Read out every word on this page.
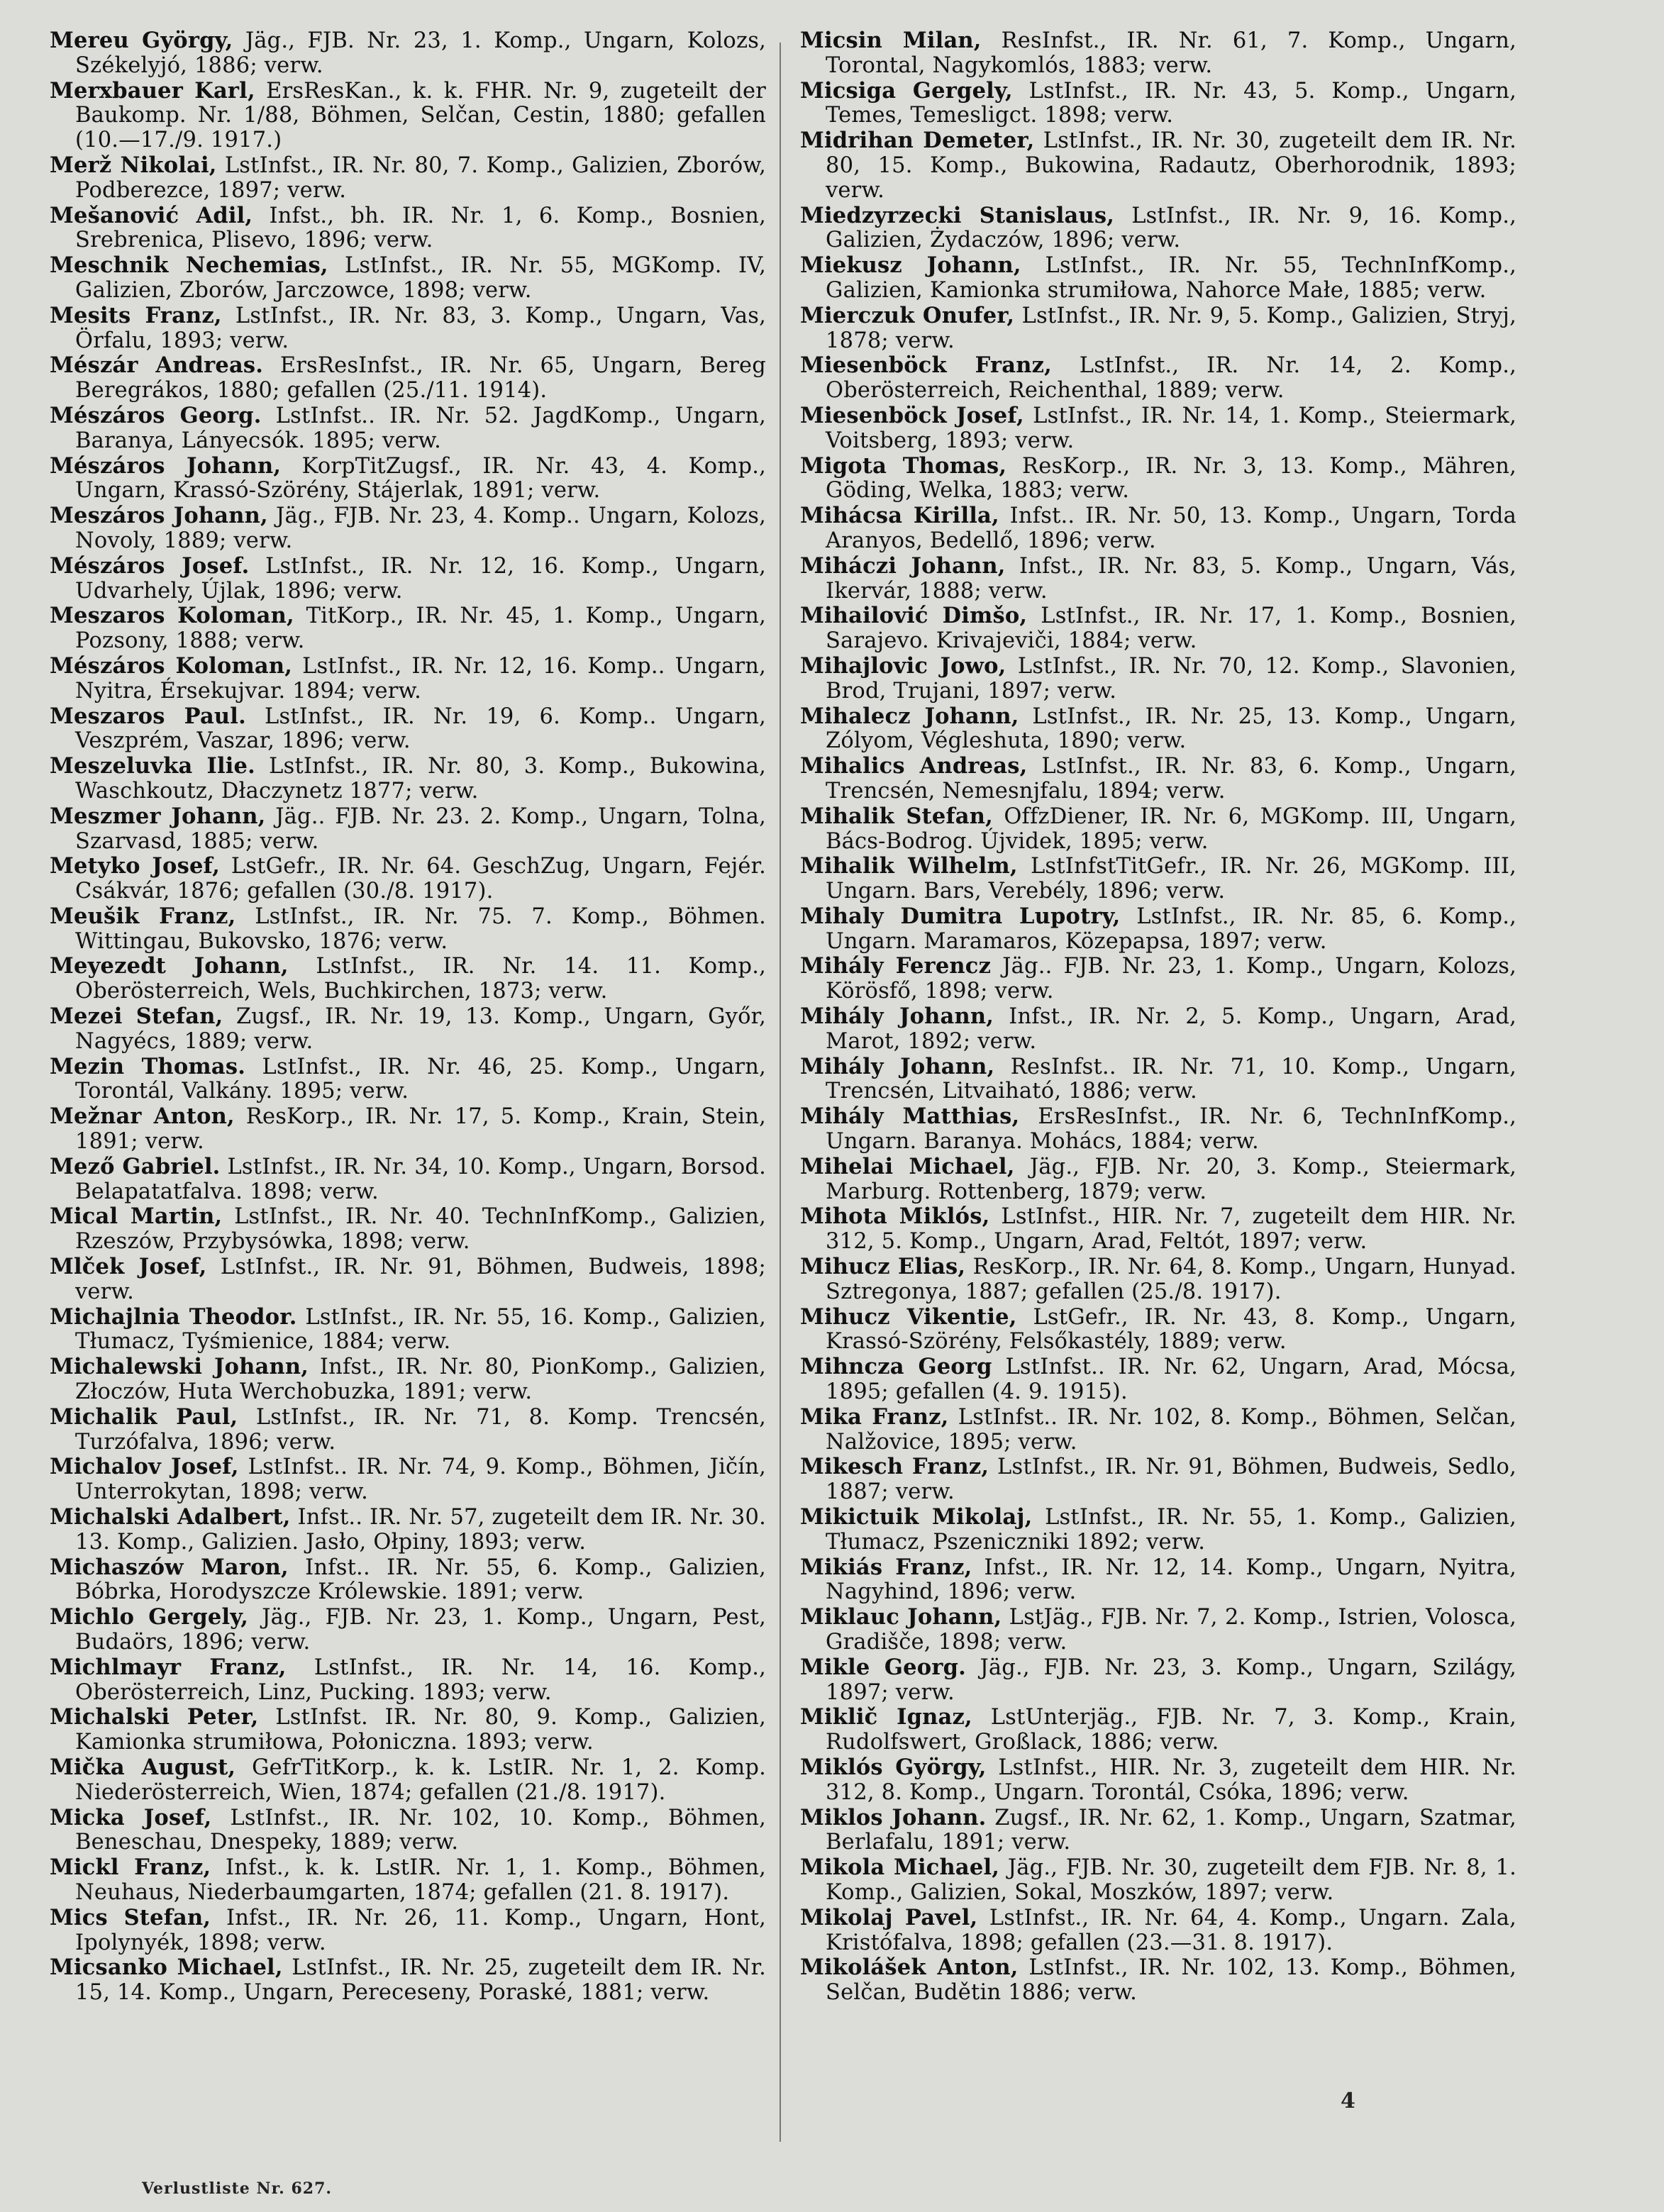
Mereu György, Jäg., FJB. Nr. 23, 1. Komp., Ungarn, Kolozs, Székelyjó, 1886; verw.

Merxbauer Karl, ErsResKan., k. k. FHR. Nr. 9, zugeteilt der Baukomp. Nr. 1/88, Böhmen, Selčan, Cestin, 1880; gefallen (10.—17./9. 1917.)

Merž Nikolai, LstInfst., IR. Nr. 80, 7. Komp., Galizien, Zborów, Podberezce, 1897; verw.

Mešanović Adil, Infst., bh. IR. Nr. 1, 6. Komp., Bosnien, Srebrenica, Plisevo, 1896; verw.

Meschnik Nechemias, LstInfst., IR. Nr. 55, MGKomp. IV, Galizien, Zborów, Jarczowce, 1898; verw.

Mesits Franz, LstInfst., IR. Nr. 83, 3. Komp., Ungarn, Vas, Örfalu, 1893; verw.

Mészár Andreas. ErsResInfst., IR. Nr. 65, Ungarn, Bereg Beregrákos, 1880; gefallen (25./11. 1914).

Mészáros Georg. LstInfst.. IR. Nr. 52. JagdKomp., Ungarn, Baranya, Lányecsók. 1895; verw.

Mészáros Johann, KorpTitZugsf., IR. Nr. 43, 4. Komp., Ungarn, Krassó-Szörény, Stájerlak, 1891; verw.

Meszáros Johann, Jäg., FJB. Nr. 23, 4. Komp.. Ungarn, Kolozs, Novoly, 1889; verw.

Mészáros Josef. LstInfst., IR. Nr. 12, 16. Komp., Ungarn, Udvarhely, Újlak, 1896; verw.

Meszaros Koloman, TitKorp., IR. Nr. 45, 1. Komp., Ungarn, Pozsony, 1888; verw.

Mészáros Koloman, LstInfst., IR. Nr. 12, 16. Komp.. Ungarn, Nyitra, Érsekujvar. 1894; verw.

Meszaros Paul. LstInfst., IR. Nr. 19, 6. Komp.. Ungarn, Veszprém, Vaszar, 1896; verw.

Meszeluvka Ilie. LstInfst., IR. Nr. 80, 3. Komp., Bukowina, Waschkoutz, Dłaczynetz 1877; verw.

Meszmer Johann, Jäg.. FJB. Nr. 23. 2. Komp., Ungarn, Tolna, Szarvasd, 1885; verw.

Metyko Josef, LstGefr., IR. Nr. 64. GeschZug, Ungarn, Fejér. Csákvár, 1876; gefallen (30./8. 1917).

Meušik Franz, LstInfst., IR. Nr. 75. 7. Komp., Böhmen. Wittingau, Bukovsko, 1876; verw.

Meyezedt Johann, LstInfst., IR. Nr. 14. 11. Komp., Oberösterreich, Wels, Buchkirchen, 1873; verw.

Mezei Stefan, Zugsf., IR. Nr. 19, 13. Komp., Ungarn, Győr, Nagyécs, 1889; verw.

Mezin Thomas. LstInfst., IR. Nr. 46, 25. Komp., Ungarn, Torontál, Valkány. 1895; verw.

Mežnar Anton, ResKorp., IR. Nr. 17, 5. Komp., Krain, Stein, 1891; verw.

Mező Gabriel. LstInfst., IR. Nr. 34, 10. Komp., Ungarn, Borsod. Belapatatfalva. 1898; verw.

Mical Martin, LstInfst., IR. Nr. 40. TechnInfKomp., Galizien, Rzeszów, Przybysówka, 1898; verw.

Mlček Josef, LstInfst., IR. Nr. 91, Böhmen, Budweis, 1898; verw.

Michajlnia Theodor. LstInfst., IR. Nr. 55, 16. Komp., Galizien, Tłumacz, Tyśmienice, 1884; verw.

Michalewski Johann, Infst., IR. Nr. 80, PionKomp., Galizien, Złoczów, Huta Werchobuzka, 1891; verw.

Michalik Paul, LstInfst., IR. Nr. 71, 8. Komp. Trencsén, Turzófalva, 1896; verw.

Michalov Josef, LstInfst.. IR. Nr. 74, 9. Komp., Böhmen, Jičín, Unterrokytan, 1898; verw.

Michalski Adalbert, Infst.. IR. Nr. 57, zugeteilt dem IR. Nr. 30. 13. Komp., Galizien. Jasło, Ołpiny, 1893; verw.

Michaszów Maron, Infst.. IR. Nr. 55, 6. Komp., Galizien, Bóbrka, Horodyszcze Królewskie. 1891; verw.

Michlo Gergely, Jäg., FJB. Nr. 23, 1. Komp., Ungarn, Pest, Budaörs, 1896; verw.

Michlmayr Franz, LstInfst., IR. Nr. 14, 16. Komp., Oberösterreich, Linz, Pucking. 1893; verw.

Michalski Peter, LstInfst. IR. Nr. 80, 9. Komp., Galizien, Kamionka strumiłowa, Połoniczna. 1893; verw.

Mička August, GefrTitKorp., k. k. LstIR. Nr. 1, 2. Komp. Niederösterreich, Wien, 1874; gefallen (21./8. 1917).

Micka Josef, LstInfst., IR. Nr. 102, 10. Komp., Böhmen, Beneschau, Dnespeky, 1889; verw.

Mickl Franz, Infst., k. k. LstIR. Nr. 1, 1. Komp., Böhmen, Neuhaus, Niederbaumgarten, 1874; gefallen (21. 8. 1917).

Mics Stefan, Infst., IR. Nr. 26, 11. Komp., Ungarn, Hont, Ipolynyék, 1898; verw.

Micsanko Michael, LstInfst., IR. Nr. 25, zugeteilt dem IR. Nr. 15, 14. Komp., Ungarn, Pereceseny, Poraské, 1881; verw.

Micsin Milan, ResInfst., IR. Nr. 61, 7. Komp., Ungarn, Torontal, Nagykomlós, 1883; verw.

Micsiga Gergely, LstInfst., IR. Nr. 43, 5. Komp., Ungarn, Temes, Temesligct. 1898; verw.

Midrihan Demeter, LstInfst., IR. Nr. 30, zugeteilt dem IR. Nr. 80, 15. Komp., Bukowina, Radautz, Oberhorodnik, 1893; verw.

Miedzyrzecki Stanislaus, LstInfst., IR. Nr. 9, 16. Komp., Galizien, Żydaczów, 1896; verw.

Miekusz Johann, LstInfst., IR. Nr. 55, TechnInfKomp., Galizien, Kamionka strumiłowa, Nahorce Małe, 1885; verw.

Mierczuk Onufer, LstInfst., IR. Nr. 9, 5. Komp., Galizien, Stryj, 1878; verw.

Miesenböck Franz, LstInfst., IR. Nr. 14, 2. Komp., Oberösterreich, Reichenthal, 1889; verw.

Miesenböck Josef, LstInfst., IR. Nr. 14, 1. Komp., Steiermark, Voitsberg, 1893; verw.

Migota Thomas, ResKorp., IR. Nr. 3, 13. Komp., Mähren, Göding, Welka, 1883; verw.

Mihácsa Kirilla, Infst.. IR. Nr. 50, 13. Komp., Ungarn, Torda Aranyos, Bedellő, 1896; verw.

Miháczi Johann, Infst., IR. Nr. 83, 5. Komp., Ungarn, Vás, Ikervár, 1888; verw.

Mihailović Dimšo, LstInfst., IR. Nr. 17, 1. Komp., Bosnien, Sarajevo. Krivajeviči, 1884; verw.

Mihajlovic Jowo, LstInfst., IR. Nr. 70, 12. Komp., Slavonien, Brod, Trujani, 1897; verw.

Mihalecz Johann, LstInfst., IR. Nr. 25, 13. Komp., Ungarn, Zólyom, Végleshuta, 1890; verw.

Mihalics Andreas, LstInfst., IR. Nr. 83, 6. Komp., Ungarn, Trencsén, Nemesnjfalu, 1894; verw.

Mihalik Stefan, OffzDiener, IR. Nr. 6, MGKomp. III, Ungarn, Bács-Bodrog. Újvidek, 1895; verw.

Mihalik Wilhelm, LstInfstTitGefr., IR. Nr. 26, MGKomp. III, Ungarn. Bars, Verebély, 1896; verw.

Mihaly Dumitra Lupotry, LstInfst., IR. Nr. 85, 6. Komp., Ungarn. Maramaros, Közepapsa, 1897; verw.

Mihály Ferencz Jäg.. FJB. Nr. 23, 1. Komp., Ungarn, Kolozs, Körösfő, 1898; verw.

Mihály Johann, Infst., IR. Nr. 2, 5. Komp., Ungarn, Arad, Marot, 1892; verw.

Mihály Johann, ResInfst.. IR. Nr. 71, 10. Komp., Ungarn, Trencsén, Litvaiható, 1886; verw.

Mihály Matthias, ErsResInfst., IR. Nr. 6, TechnInfKomp., Ungarn. Baranya. Mohács, 1884; verw.

Mihelai Michael, Jäg., FJB. Nr. 20, 3. Komp., Steiermark, Marburg. Rottenberg, 1879; verw.

Mihota Miklós, LstInfst., HIR. Nr. 7, zugeteilt dem HIR. Nr. 312, 5. Komp., Ungarn, Arad, Feltót, 1897; verw.

Mihucz Elias, ResKorp., IR. Nr. 64, 8. Komp., Ungarn, Hunyad. Sztregonya, 1887; gefallen (25./8. 1917).

Mihucz Vikentie, LstGefr., IR. Nr. 43, 8. Komp., Ungarn, Krassó-Szörény, Felsőkastély, 1889; verw.

Mihncza Georg LstInfst.. IR. Nr. 62, Ungarn, Arad, Mócsa, 1895; gefallen (4. 9. 1915).

Mika Franz, LstInfst.. IR. Nr. 102, 8. Komp., Böhmen, Selčan, Nalžovice, 1895; verw.

Mikesch Franz, LstInfst., IR. Nr. 91, Böhmen, Budweis, Sedlo, 1887; verw.

Mikictuik Mikolaj, LstInfst., IR. Nr. 55, 1. Komp., Galizien, Tłumacz, Pszeniczniki 1892; verw.

Mikiás Franz, Infst., IR. Nr. 12, 14. Komp., Ungarn, Nyitra, Nagyhind, 1896; verw.

Miklauc Johann, LstJäg., FJB. Nr. 7, 2. Komp., Istrien, Volosca, Gradišče, 1898; verw.

Mikle Georg. Jäg., FJB. Nr. 23, 3. Komp., Ungarn, Szilágy, 1897; verw.

Miklič Ignaz, LstUnterjäg., FJB. Nr. 7, 3. Komp., Krain, Rudolfswert, Großlack, 1886; verw.

Miklós György, LstInfst., HIR. Nr. 3, zugeteilt dem HIR. Nr. 312, 8. Komp., Ungarn. Torontál, Csóka, 1896; verw.

Miklos Johann. Zugsf., IR. Nr. 62, 1. Komp., Ungarn, Szatmar, Berlafalu, 1891; verw.

Mikola Michael, Jäg., FJB. Nr. 30, zugeteilt dem FJB. Nr. 8, 1. Komp., Galizien, Sokal, Moszków, 1897; verw.

Mikolaj Pavel, LstInfst., IR. Nr. 64, 4. Komp., Ungarn. Zala, Kristófalva, 1898; gefallen (23.—31. 8. 1917).

Mikolášek Anton, LstInfst., IR. Nr. 102, 13. Komp., Böhmen, Selčan, Budětin 1886; verw.

Verlustliste Nr. 627.
4
